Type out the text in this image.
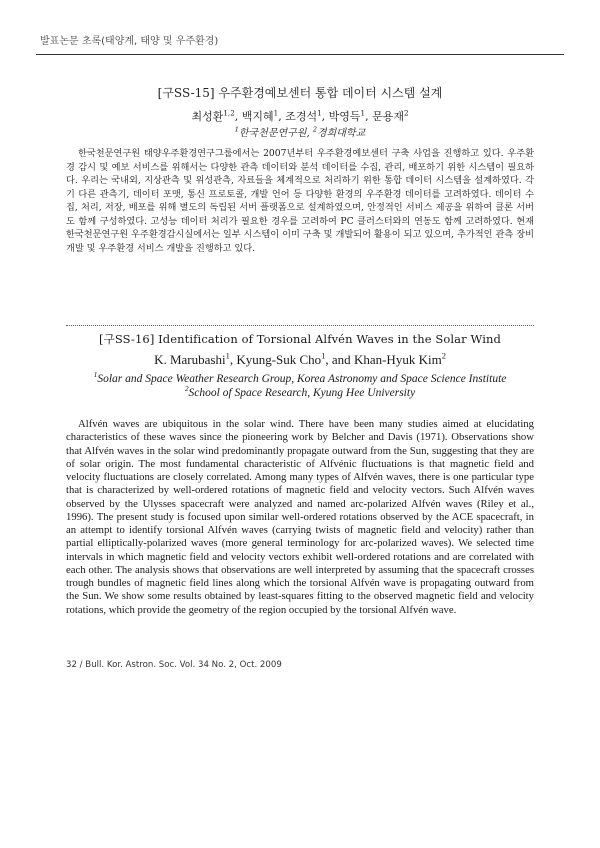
발표논문 초록(태양계, 태양 및 우주환경)
[구SS-15] 우주환경예보센터 통합 데이터 시스템 설계
최성환$^{1,2}$, 백지혜$^1$, 조경석$^1$, 박영득$^1$, 문용재$^2$
$^1$한국천문연구원, $^2$경희대학교

한국천문연구원 태양우주환경연구그룹에서는 2007년부터 우주환경예보센터 구축 사업을 진행하고 있다. 우주환경 감시 및 예보 서비스를 위해서는 다양한 관측 데이터와 분석 데이터를 수집, 관리, 배포하기 위한 시스템이 필요하다. 우리는 국내외, 지상관측 및 위성관측, 자료들을 체계적으로 처리하기 위한 통합 데이터 시스템을 설계하였다. 각기 다른 관측기, 데이터 포맷, 통신 프로토콜, 개발 언어 등 다양한 환경의 우주환경 데이터를 고려하였다. 데이터 수집, 처리, 저장, 배포를 위해 별도의 독립된 서버 플랫폼으로 설계하였으며, 안정적인 서비스 제공을 위하여 클론 서버도 함께 구성하였다. 고성능 데이터 처리가 필요한 경우를 고려하여 PC 클러스터와의 연동도 함께 고려하였다. 현재 한국천문연구원 우주환경감시실에서는 일부 시스템이 이미 구축 및 개발되어 활용이 되고 있으며, 추가적인 관측 장비 개발 및 우주환경 서비스 개발을 진행하고 있다.

[구SS-16] Identification of Torsional Alfvén Waves in the Solar Wind
K. Marubashi$^1$, Kyung-Suk Cho$^1$, and Khan-Hyuk Kim$^2$
$^1$Solar and Space Weather Research Group, Korea Astronomy and Space Science Institute
$^2$School of Space Research, Kyung Hee University

Alfvén waves are ubiquitous in the solar wind. There have been many studies aimed at elucidating characteristics of these waves since the pioneering work by Belcher and Davis (1971). Observations show that Alfvén waves in the solar wind predominantly propagate outward from the Sun, suggesting that they are of solar origin. The most fundamental characteristic of Alfvénic fluctuations is that magnetic field and velocity fluctuations are closely correlated. Among many types of Alfvén waves, there is one particular type that is characterized by well-ordered rotations of magnetic field and velocity vectors. Such Alfvén waves observed by the Ulysses spacecraft were analyzed and named arc-polarized Alfvén waves (Riley et al., 1996). The present study is focused upon similar well-ordered rotations observed by the ACE spacecraft, in an attempt to identify torsional Alfvén waves (carrying twists of magnetic field and velocity) rather than partial elliptically-polarized waves (more general terminology for arc-polarized waves). We selected time intervals in which magnetic field and velocity vectors exhibit well-ordered rotations and are correlated with each other. The analysis shows that observations are well interpreted by assuming that the spacecraft crosses trough bundles of magnetic field lines along which the torsional Alfvén wave is propagating outward from the Sun. We show some results obtained by least-squares fitting to the observed magnetic field and velocity rotations, which provide the geometry of the region occupied by the torsional Alfvén wave.

32 / Bull. Kor. Astron. Soc. Vol. 34 No. 2, Oct. 2009
